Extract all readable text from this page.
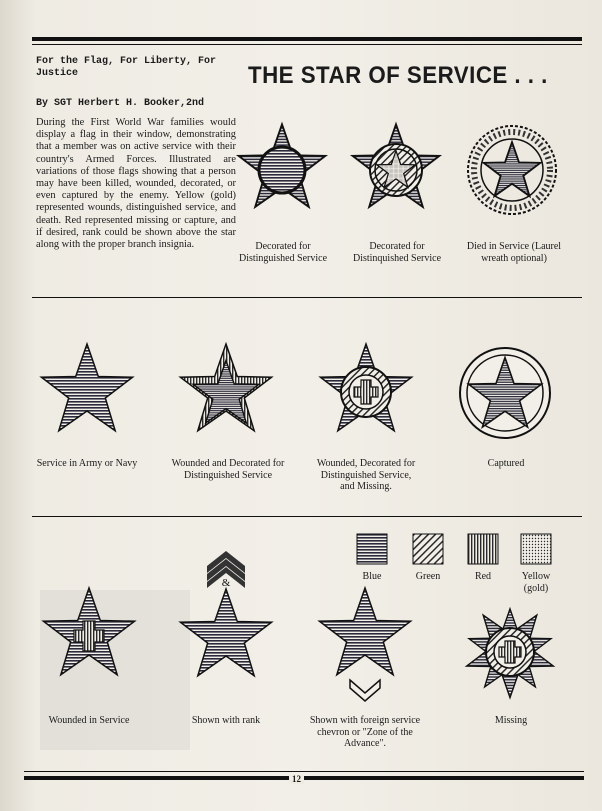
For the Flag, For Liberty, For Justice
By SGT Herbert H. Booker,2nd
During the First World War families would display a flag in their window, demonstrating that a member was on active service with their country's Armed Forces. Illustrated are variations of those flags showing that a person may have been killed, wounded, decorated, or even captured by the enemy. Yellow (gold) represented wounds, distinguished service, and death. Red represented missing or capture, and if desired, rank could be shown above the star along with the proper branch insignia.
THE STAR OF SERVICE . . .
12
&
Decorated for Distinguished Service
Decorated for Distinquished Service
Died in Service (Laurel wreath optional)
Service in Army or Navy	Wounded and Decorated for Distinguished Service
Wounded, Decorated for Distinguished Service, and Missing.
Captured
Blue	Green	Red	Yellow (gold)
Wounded in Service	Shown with rank	Shown with foreign service chevron or "Zone of the Advance".
Missing
